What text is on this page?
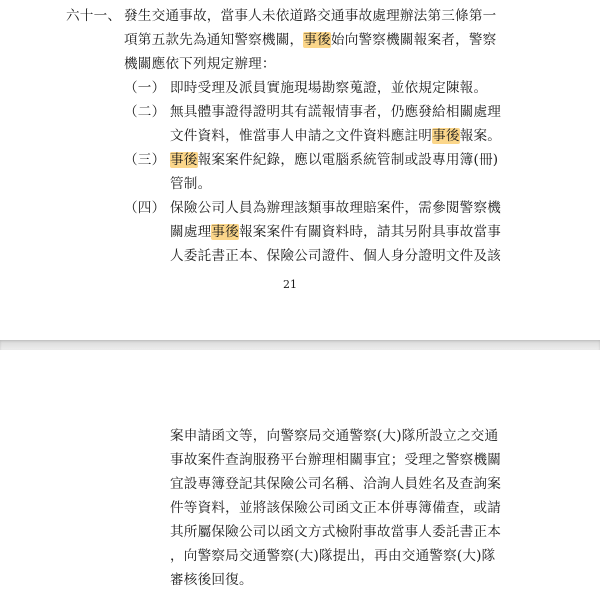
六十一、 發生交通事故，當事人未依道路交通事故處理辦法第三條第一
項第五款先為通知警察機關，事後始向警察機關報案者，警察
機關應依下列規定辦理：
（一） 即時受理及派員實施現場勘察蒐證，並依規定陳報。
（二） 無具體事證得證明其有謊報情事者，仍應發給相關處理
文件資料，惟當事人申請之文件資料應註明事後報案。
（三） 事後報案案件紀錄，應以電腦系統管制或設專用簿(冊)
管制。
（四） 保險公司人員為辦理該類事故理賠案件，需參閱警察機
關處理事後報案案件有關資料時，請其另附具事故當事
人委託書正本、保險公司證件、個人身分證明文件及該
21
案申請函文等，向警察局交通警察(大)隊所設立之交通
事故案件查詢服務平台辦理相關事宜；受理之警察機關
宜設專簿登記其保險公司名稱、洽詢人員姓名及查詢案
件等資料，並將該保險公司函文正本併專簿備查，或請
其所屬保險公司以函文方式檢附事故當事人委託書正本
，向警察局交通警察(大)隊提出，再由交通警察(大)隊
審核後回復。
